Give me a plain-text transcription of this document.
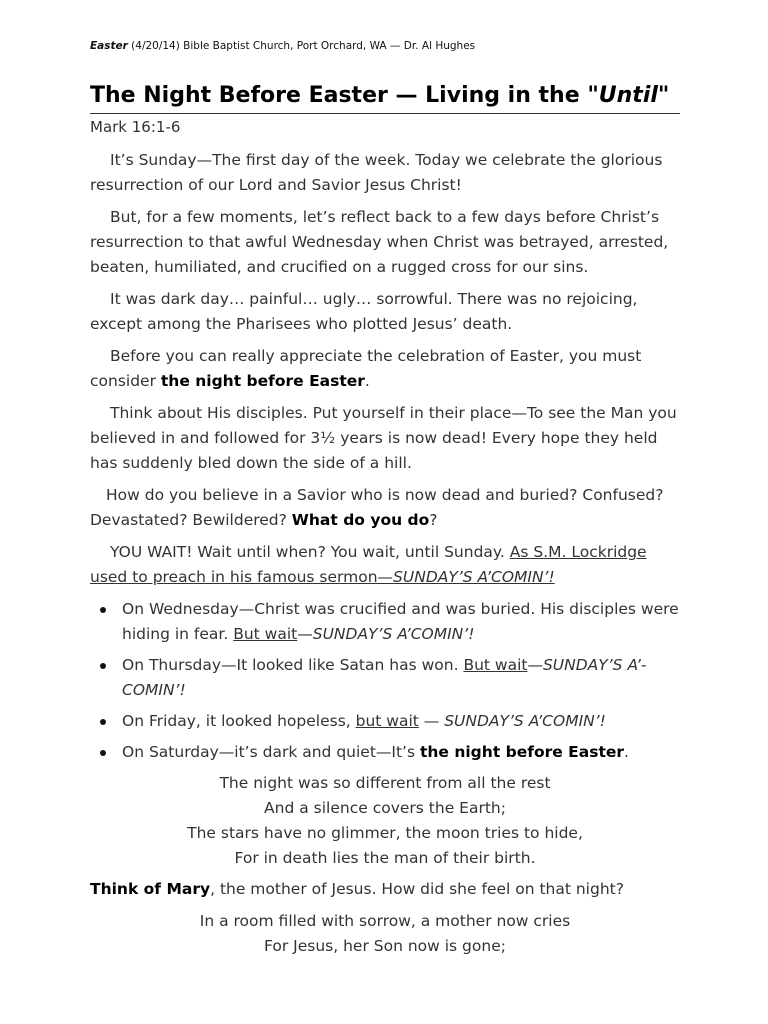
Easter (4/20/14) Bible Baptist Church, Port Orchard, WA — Dr. Al Hughes
The Night Before Easter — Living in the "Until"
Mark 16:1-6

It’s Sunday—The first day of the week. Today we celebrate the glorious resurrection of our Lord and Savior Jesus Christ!

But, for a few moments, let’s reflect back to a few days before Christ’s resurrection to that awful Wednesday when Christ was betrayed, arrested, beaten, humiliated, and crucified on a rugged cross for our sins.

It was dark day… painful… ugly… sorrowful. There was no rejoicing, except among the Pharisees who plotted Jesus’ death.

Before you can really appreciate the celebration of Easter, you must consider the night before Easter.

Think about His disciples. Put yourself in their place—To see the Man you believed in and followed for 3½ years is now dead! Every hope they held has suddenly bled down the side of a hill.

How do you believe in a Savior who is now dead and buried? Confused? Devastated? Bewildered? What do you do?

YOU WAIT! Wait until when? You wait, until Sunday. As S.M. Lockridge used to preach in his famous sermon—SUNDAY’S A’COMIN’!

On Wednesday—Christ was crucified and was buried. His disciples were hiding in fear. But wait—SUNDAY’S A’COMIN’!
On Thursday—It looked like Satan has won. But wait—SUNDAY’S A’-COMIN’!
On Friday, it looked hopeless, but wait — SUNDAY’S A’COMIN’!
On Saturday—it’s dark and quiet—It’s the night before Easter.
The night was so different from all the rest
And a silence covers the Earth;
The stars have no glimmer, the moon tries to hide,
For in death lies the man of their birth.

Think of Mary, the mother of Jesus. How did she feel on that night?

In a room filled with sorrow, a mother now cries
For Jesus, her Son now is gone;
